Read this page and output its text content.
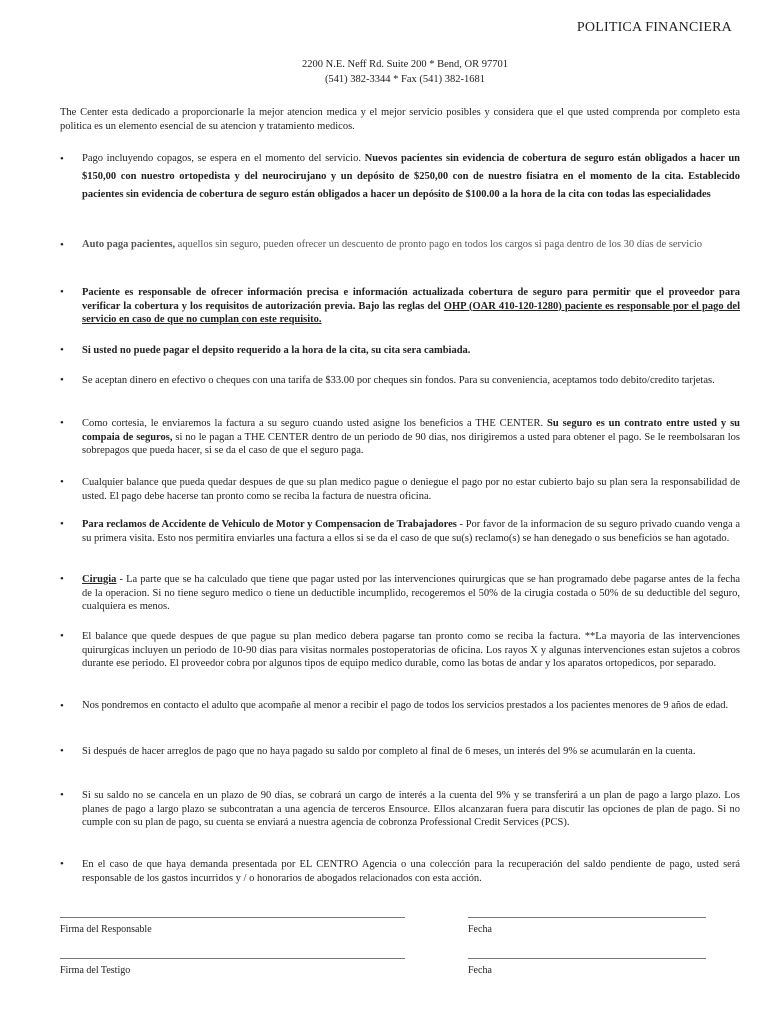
POLITICA FINANCIERA
2200 N.E. Neff Rd. Suite 200 * Bend, OR 97701
(541) 382-3344 * Fax (541) 382-1681

The Center esta dedicado a proporcionarle la mejor atencion medica y el mejor servicio posibles y considera que el que usted comprenda por completo esta politica es un elemento esencial de su atencion y tratamiento medicos.

• Pago incluyendo copagos, se espera en el momento del servicio. Nuevos pacientes sin evidencia de cobertura de seguro están obligados a hacer un $150,00 con nuestro ortopedista y del neurocirujano y un depósito de $250,00 con de nuestro fisiatra en el momento de la cita. Establecido pacientes sin evidencia de cobertura de seguro están obligados a hacer un depósito de $100.00 a la hora de la cita con todas las especialidades
• Auto paga pacientes, aquellos sin seguro, pueden ofrecer un descuento de pronto pago en todos los cargos si paga dentro de los 30 días de servicio
• Paciente es responsable de ofrecer información precisa e información actualizada cobertura de seguro para permitir que el proveedor para verificar la cobertura y los requisitos de autorización previa. Bajo las reglas del OHP (OAR 410-120-1280) paciente es responsable por el pago del servicio en caso de que no cumplan con este requisito.
• Si usted no puede pagar el depsito requerido a la hora de la cita, su cita sera cambiada.
• Se aceptan dinero en efectivo o cheques con una tarifa de $33.00 por cheques sin fondos. Para su conveniencia, aceptamos todo debito/credito tarjetas.
• Como cortesia, le enviaremos la factura a su seguro cuando usted asigne los beneficios a THE CENTER. Su seguro es un contrato entre usted y su compaia de seguros, si no le pagan a THE CENTER dentro de un periodo de 90 dias, nos dirigiremos a usted para obtener el pago. Se le reembolsaran los sobrepagos que pueda hacer, si se da el caso de que el seguro paga.
• Cualquier balance que pueda quedar despues de que su plan medico pague o deniegue el pago por no estar cubierto bajo su plan sera la responsabilidad de usted. El pago debe hacerse tan pronto como se reciba la factura de nuestra oficina.
• Para reclamos de Accidente de Vehiculo de Motor y Compensacion de Trabajadores - Por favor de la informacion de su seguro privado cuando venga a su primera visita. Esto nos permitira enviarles una factura a ellos si se da el caso de que su(s) reclamo(s) se han denegado o sus beneficios se han agotado.
• Cirugia - La parte que se ha calculado que tiene que pagar usted por las intervenciones quirurgicas que se han programado debe pagarse antes de la fecha de la operacion. Si no tiene seguro medico o tiene un deductible incumplido, recogeremos el 50% de la cirugia costada o 50% de su deductible del seguro, cualquiera es menos.
• El balance que quede despues de que pague su plan medico debera pagarse tan pronto como se reciba la factura. **La mayoria de las intervenciones quirurgicas incluyen un periodo de 10-90 dias para visitas normales postoperatorias de oficina. Los rayos X y algunas intervenciones estan sujetos a cobros durante ese periodo. El proveedor cobra por algunos tipos de equipo medico durable, como las botas de andar y los aparatos ortopedicos, por separado.
• Nos pondremos en contacto el adulto que acompañe al menor a recibir el pago de todos los servicios prestados a los pacientes menores de 9 años de edad.
• Si después de hacer arreglos de pago que no haya pagado su saldo por completo al final de 6 meses, un interés del 9% se acumularán en la cuenta.
• Si su saldo no se cancela en un plazo de 90 días, se cobrará un cargo de interés a la cuenta del 9% y se transferirá a un plan de pago a largo plazo. Los planes de pago a largo plazo se subcontratan a una agencia de terceros Ensource. Ellos alcanzaran fuera para discutir las opciones de plan de pago. Si no cumple con su plan de pago, su cuenta se enviará a nuestra agencia de cobronza Professional Credit Services (PCS).
• En el caso de que haya demanda presentada por EL CENTRO Agencia o una colección para la recuperación del saldo pendiente de pago, usted será responsable de los gastos incurridos y / o honorarios de abogados relacionados con esta acción.
Firma del Responsable	Fecha
Firma del Testigo	Fecha
